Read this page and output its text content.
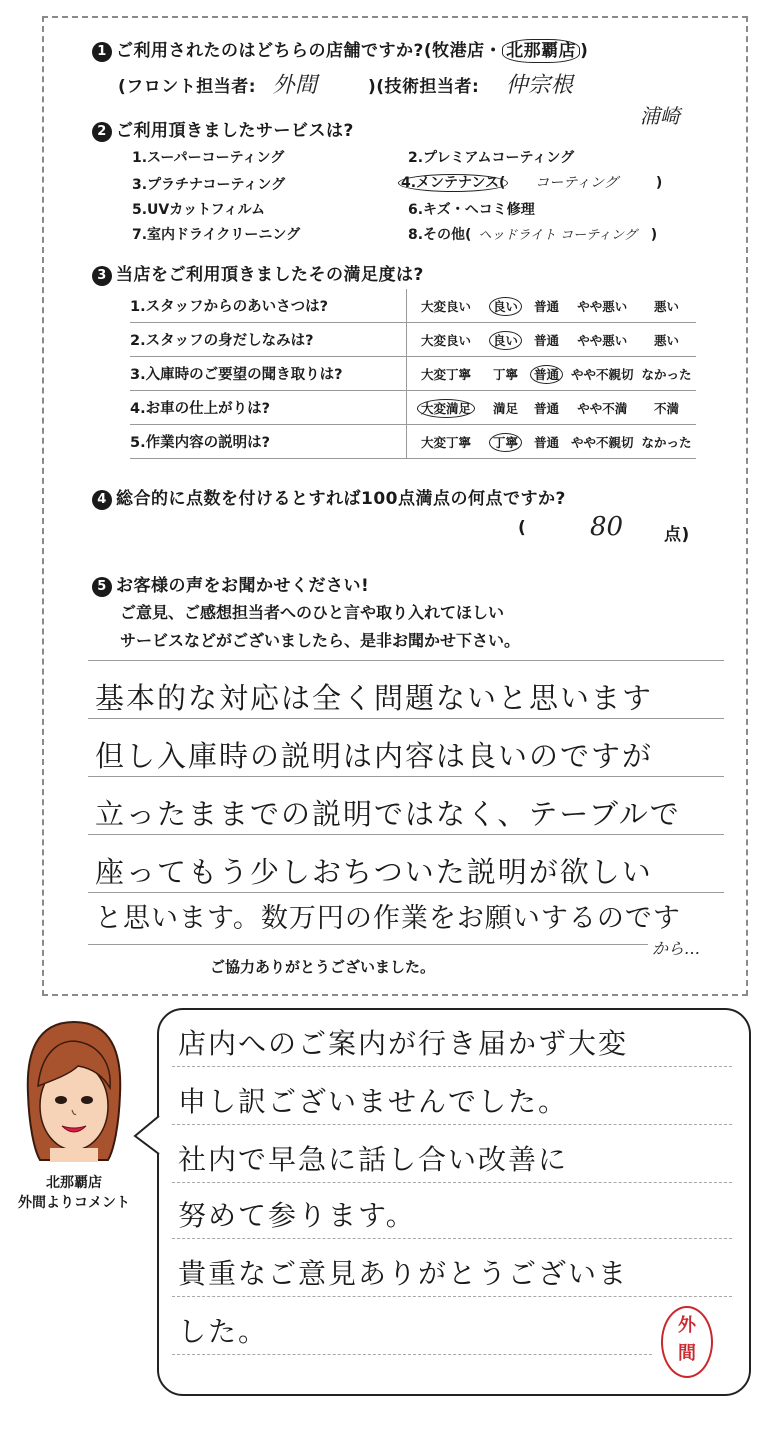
1 ご利用されたのはどちらの店舗ですか?(牧港店・ 北那覇店 )
(フロント担当者: 外間	)(技術担当者: 仲宗根
浦崎
2 ご利用頂きましたサービスは?
1.スーパーコーティング	2.プレミアムコーティング
3.プラチナコーティング	4.メンテナンス( コーティング	)
5.UVカットフィルム	6.キズ・ヘコミ修理
7.室内ドライクリーニング	8.その他( ヘッドライト コーティング )
3 当店をご利用頂きましたその満足度は?
1.スタッフからのあいさつは?	大変良い	良い	普通	やや悪い	悪い
2.スタッフの身だしなみは?	大変良い	良い	普通	やや悪い	悪い
3.入庫時のご要望の聞き取りは?	大変丁寧	丁寧	普通	やや不親切	なかった
4.お車の仕上がりは?	大変満足	満足	普通	やや不満	不満
5.作業内容の説明は?	大変丁寧	丁寧	普通	やや不親切	なかった
4 総合的に点数を付けるとすれば100点満点の何点ですか?
( 80 点)
5 お客様の声をお聞かせください!
ご意見、ご感想担当者へのひと言や取り入れてほしい
サービスなどがございましたら、是非お聞かせ下さい。
基本的な対応は全く問題ないと思います
但し入庫時の説明は内容は良いのですが
立ったままでの説明ではなく、テーブルで
座ってもう少しおちついた説明が欲しい
と思います。数万円の作業をお願いするのです
から…
ご協力ありがとうございました。
北那覇店
外間よりコメント
店内へのご案内が行き届かず大変
申し訳ございませんでした。
社内で早急に話し合い改善に
努めて参ります。
貴重なご意見ありがとうございま
した。	外
間
